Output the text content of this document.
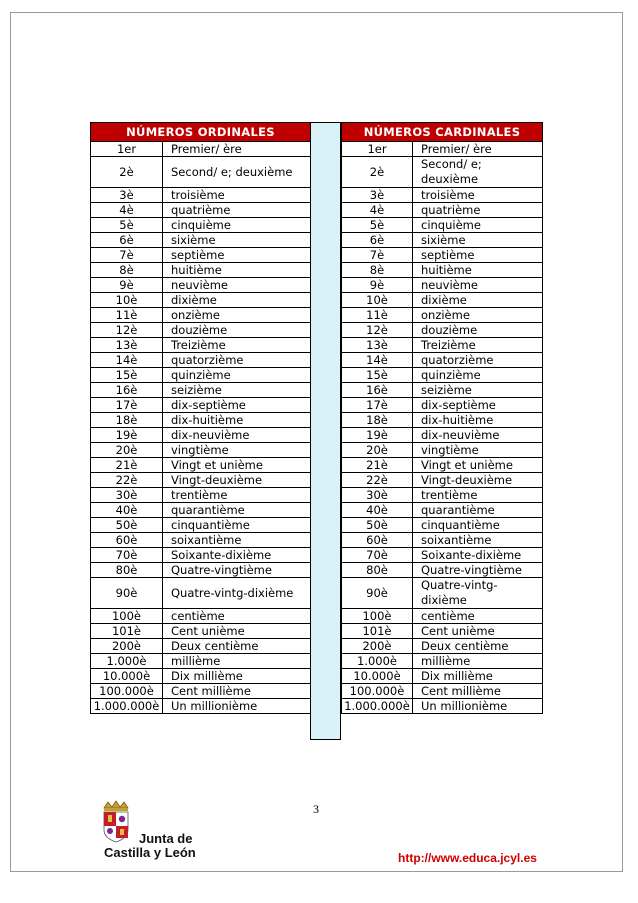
NÚMEROS ORDINALES	
1er	Premier/ ère
2è	Second/ e; deuxième
3è	troisième
4è	quatrième
5è	cinquième
6è	sixième
7è	septième
8è	huitième
9è	neuvième
10è	dixième
11è	onzième
12è	douzième
13è	Treizième
14è	quatorzième
15è	quinzième
16è	seizième
17è	dix-septième
18è	dix-huitième
19è	dix-neuvième
20è	vingtième
21è	Vingt et unième
22è	Vingt-deuxième
30è	trentième
40è	quarantième
50è	cinquantième
60è	soixantième
70è	Soixante-dixième
80è	Quatre-vingtième
90è	Quatre-vintg-dixième
100è	centième
101è	Cent unième
200è	Deux centième
1.000è	millième
10.000è	Dix millième
100.000è	Cent millième
1.000.000è	Un millionième
NÚMEROS CARDINALES	
1er	Premier/ ère
2è	Second/ e; deuxième
3è	troisième
4è	quatrième
5è	cinquième
6è	sixième
7è	septième
8è	huitième
9è	neuvième
10è	dixième
11è	onzième
12è	douzième
13è	Treizième
14è	quatorzième
15è	quinzième
16è	seizième
17è	dix-septième
18è	dix-huitième
19è	dix-neuvième
20è	vingtième
21è	Vingt et unième
22è	Vingt-deuxième
30è	trentième
40è	quarantième
50è	cinquantième
60è	soixantième
70è	Soixante-dixième
80è	Quatre-vingtième
90è	Quatre-vintg-dixième
100è	centième
101è	Cent unième
200è	Deux centième
1.000è	millième
10.000è	Dix millième
100.000è	Cent millième
1.000.000è	Un millionième
3
Junta de
Castilla y León	http://www.educa.jcyl.es
